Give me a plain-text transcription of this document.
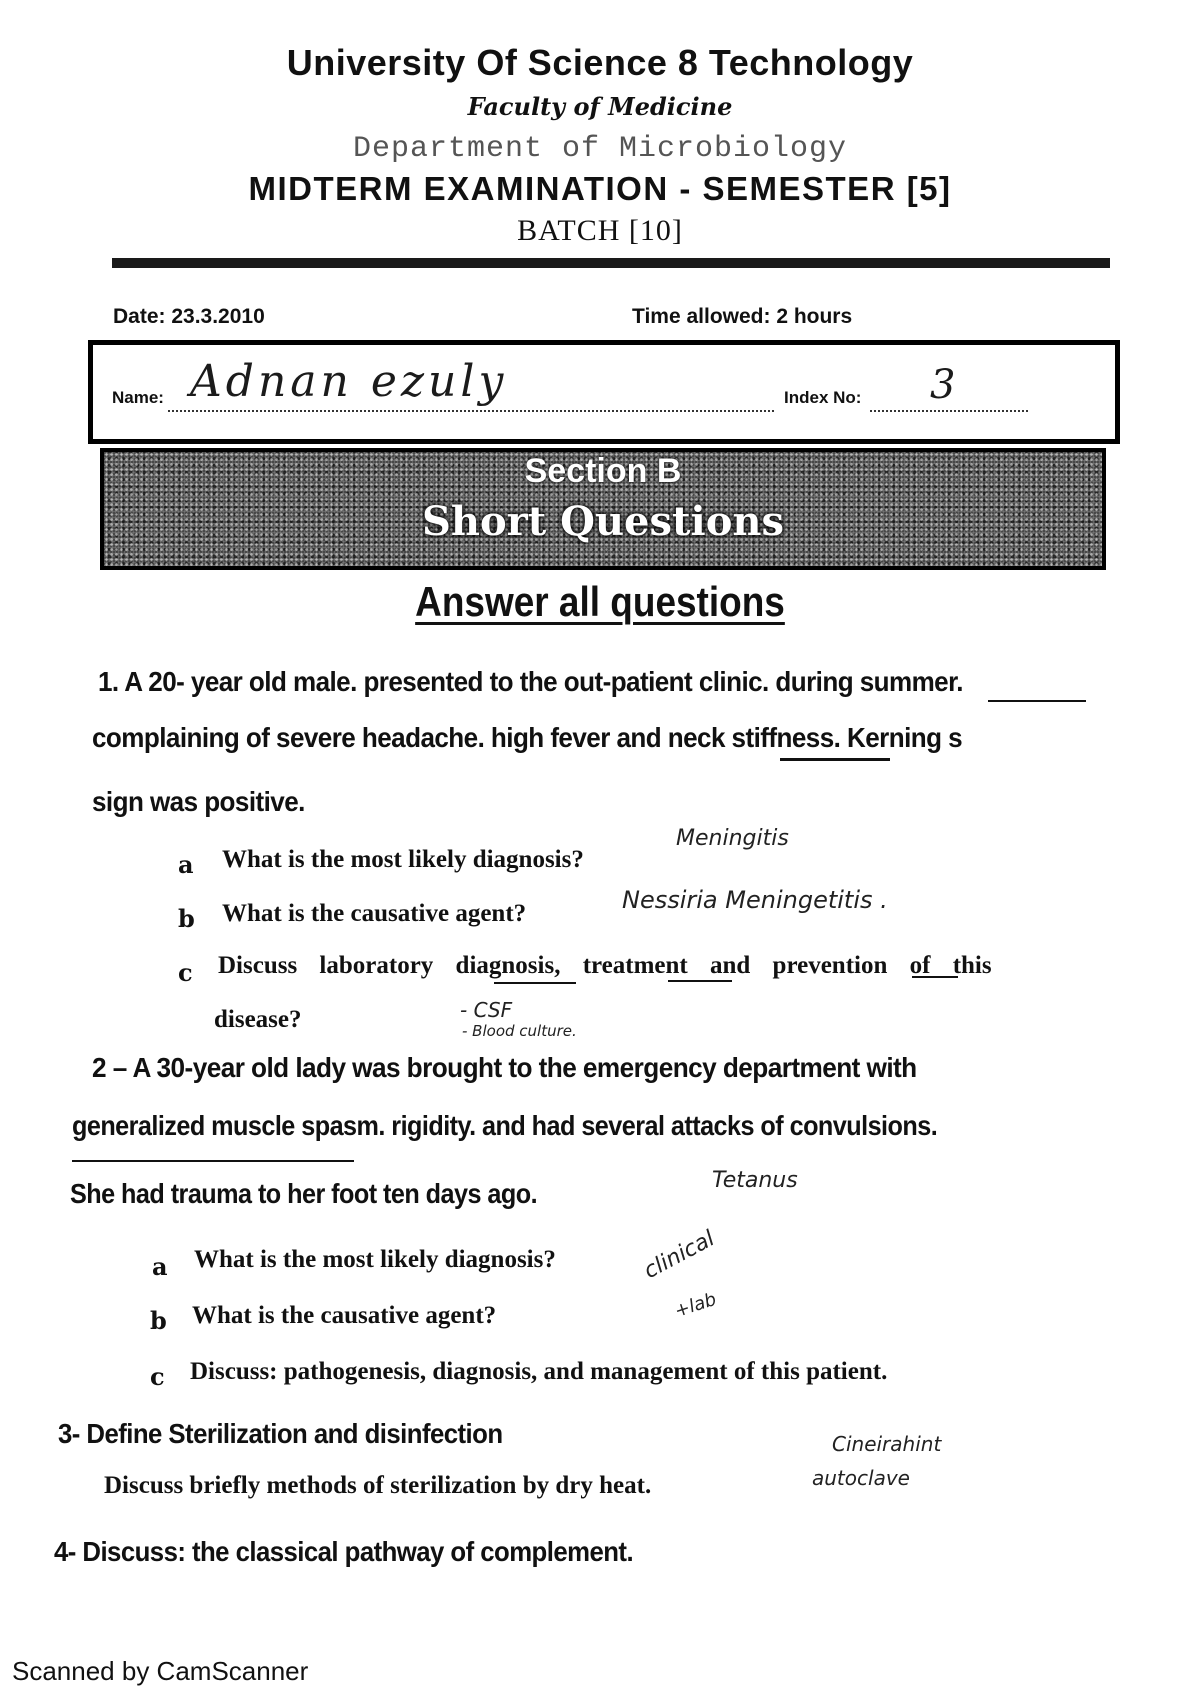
University Of Science 8 Technology
Faculty of Medicine
Department of Microbiology
MIDTERM EXAMINATION - SEMESTER [5]
BATCH [10]
Date: 23.3.2010	Time allowed: 2 hours
Name: Adnan ezuly	Index No: 3
Section B
Short Questions
Answer all questions
1. A 20- year old male. presented to the out-patient clinic. during summer.
complaining of severe headache. high fever and neck stiffness. Kerning s
sign was positive.
a What is the most likely diagnosis?
Meningitis
b What is the causative agent?	Nessiria Meningetitis .
c Discuss laboratory diagnosis, treatment and prevention of this
disease?	- CSF
- Blood culture.
2 – A 30-year old lady was brought to the emergency department with
generalized muscle spasm. rigidity. and had several attacks of convulsions.
She had trauma to her foot ten days ago.	Tetanus
a What is the most likely diagnosis?
b What is the causative agent?
clinical
+lab
c Discuss: pathogenesis, diagnosis, and management of this patient.
3- Define Sterilization and disinfection
Discuss briefly methods of sterilization by dry heat.
Cineirahint
autoclave
4- Discuss: the classical pathway of complement.
Scanned by CamScanner
